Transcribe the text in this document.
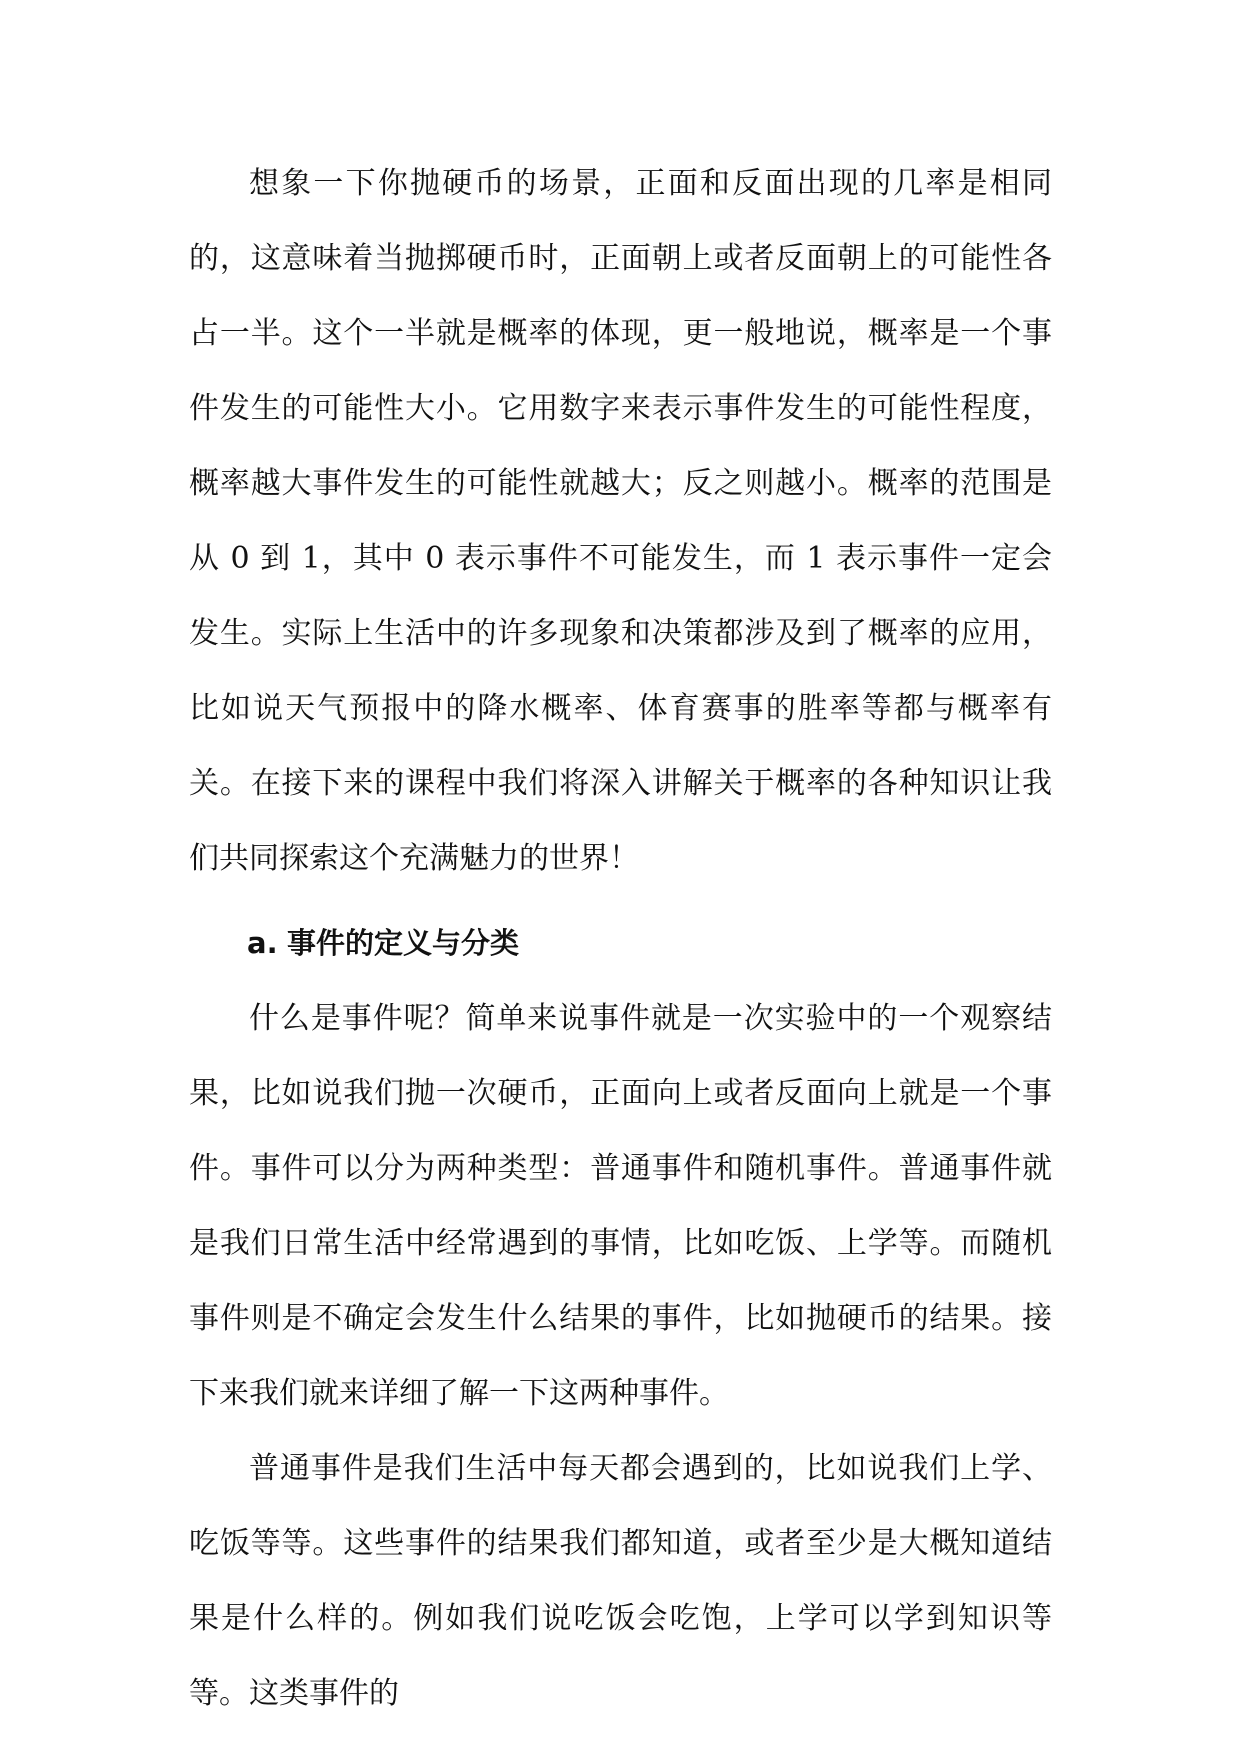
想象一下你抛硬币的场景，正面和反面出现的几率是相同的，这意味着当抛掷硬币时，正面朝上或者反面朝上的可能性各占一半。这个一半就是概率的体现，更一般地说，概率是一个事件发生的可能性大小。它用数字来表示事件发生的可能性程度，概率越大事件发生的可能性就越大；反之则越小。概率的范围是从 0 到 1，其中 0 表示事件不可能发生，而 1 表示事件一定会发生。实际上生活中的许多现象和决策都涉及到了概率的应用，比如说天气预报中的降水概率、体育赛事的胜率等都与概率有关。在接下来的课程中我们将深入讲解关于概率的各种知识让我们共同探索这个充满魅力的世界！

a. 事件的定义与分类

什么是事件呢？简单来说事件就是一次实验中的一个观察结果，比如说我们抛一次硬币，正面向上或者反面向上就是一个事件。事件可以分为两种类型：普通事件和随机事件。普通事件就是我们日常生活中经常遇到的事情，比如吃饭、上学等。而随机事件则是不确定会发生什么结果的事件，比如抛硬币的结果。接下来我们就来详细了解一下这两种事件。

普通事件是我们生活中每天都会遇到的，比如说我们上学、吃饭等等。这些事件的结果我们都知道，或者至少是大概知道结果是什么样的。例如我们说吃饭会吃饱，上学可以学到知识等等。这类事件的
